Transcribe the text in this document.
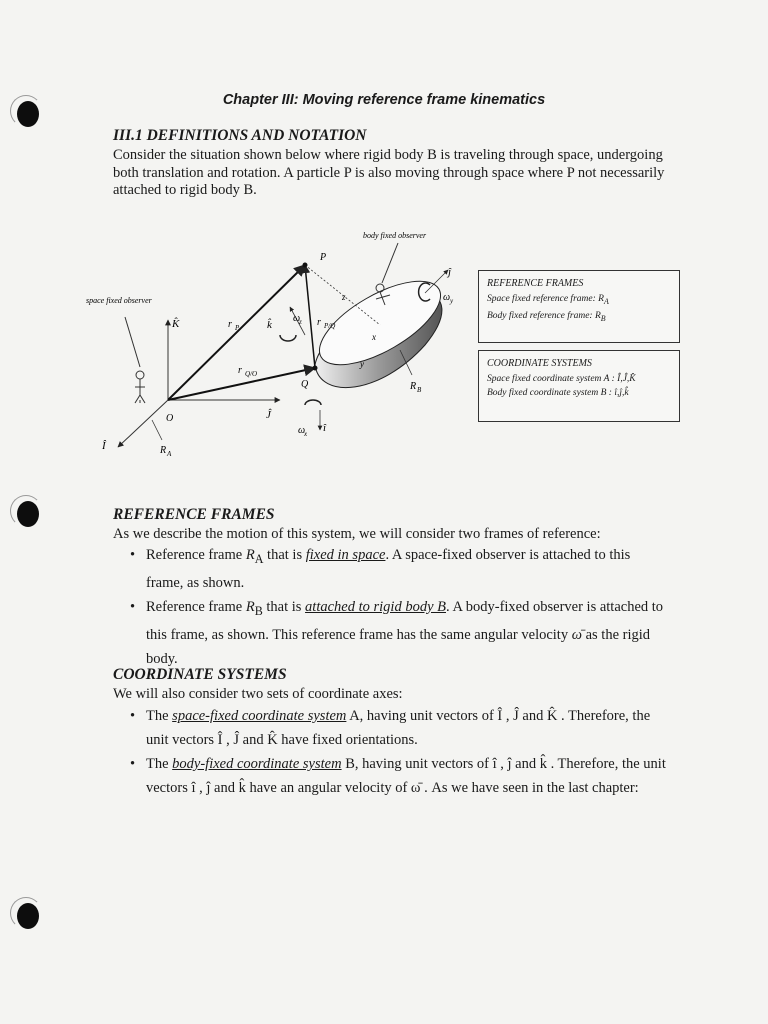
Chapter III: Moving reference frame kinematics
III.1 DEFINITIONS AND NOTATION
Consider the situation shown below where rigid body B is traveling through space, undergoing both translation and rotation. A particle P is also moving through space where P not necessarily attached to rigid body B.
space fixed observer
body fixed observer
P
O
Q
K̂
Ĵ
Î
k̂
ĵ
î
R A
R B
r P	r P/Q
r Q/O
ω
z
ω
x
ω y
x
y
z
REFERENCE FRAMES
Space fixed reference frame: $R_A$
Body fixed reference frame: $R_B$
COORDINATE SYSTEMS
Space fixed coordinate system A : Î,Ĵ,K̂
Body fixed coordinate system B : î,ĵ,k̂
REFERENCE FRAMES
As we describe the motion of this system, we will consider two frames of reference:
• Reference frame $R_A$ that is fixed in space. A space-fixed observer is attached to this frame, as shown.
• Reference frame $R_B$ that is attached to rigid body B. A body-fixed observer is attached to this frame, as shown. This reference frame has the same angular velocity ω̄ as the rigid body.
COORDINATE SYSTEMS
We will also consider two sets of coordinate axes:
• The space-fixed coordinate system A, having unit vectors of Î , Ĵ and K̂ . Therefore, the unit vectors Î , Ĵ and K̂ have fixed orientations.
• The body-fixed coordinate system B, having unit vectors of î , ĵ and k̂ . Therefore, the unit vectors î , ĵ and k̂ have an angular velocity of ω̄ . As we have seen in the last chapter:
